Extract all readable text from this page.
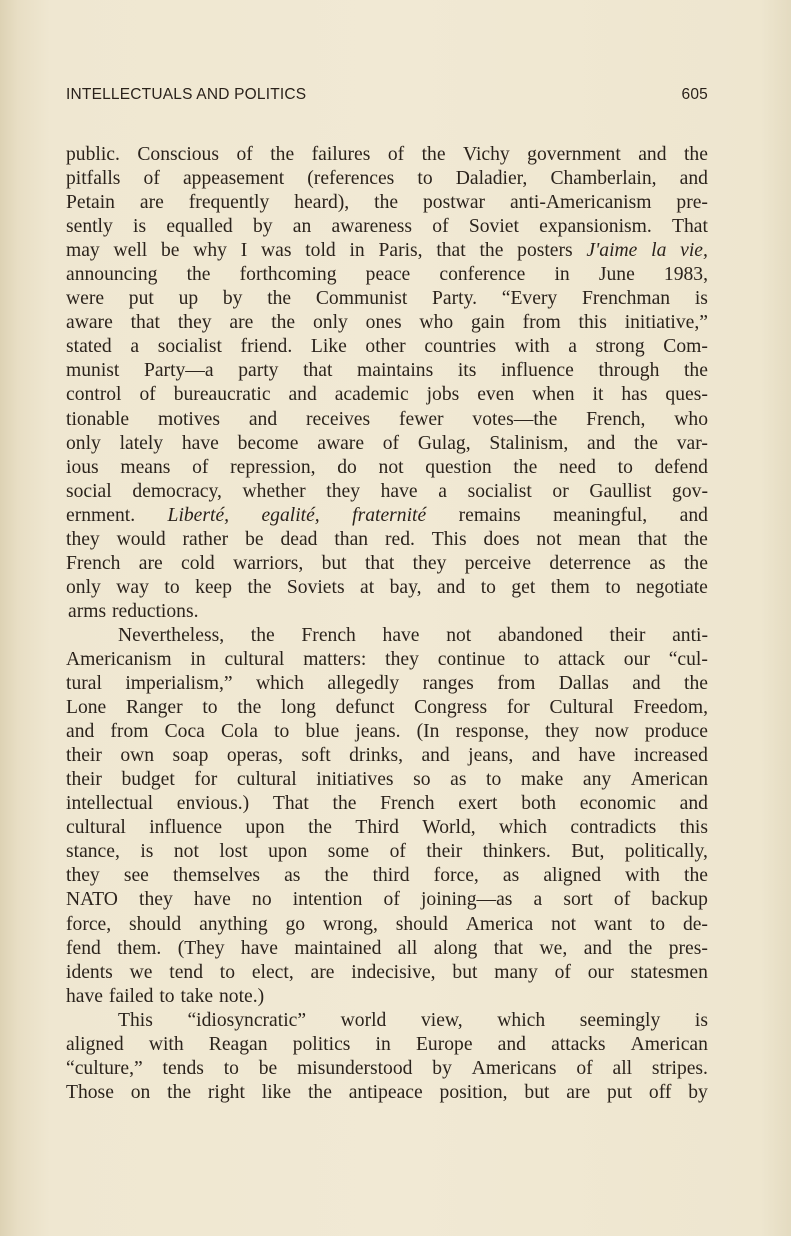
INTELLECTUALS AND POLITICS	605
public. Conscious of the failures of the Vichy government and the
pitfalls of appeasement (references to Daladier, Chamberlain, and
Petain are frequently heard), the postwar anti-Americanism pre-
sently is equalled by an awareness of Soviet expansionism. That
may well be why I was told in Paris, that the posters J'aime la vie,
announcing the forthcoming peace conference in June 1983,
were put up by the Communist Party. “Every Frenchman is
aware that they are the only ones who gain from this initiative,”
stated a socialist friend. Like other countries with a strong Com-
munist Party—a party that maintains its influence through the
control of bureaucratic and academic jobs even when it has ques-
tionable motives and receives fewer votes—the French, who
only lately have become aware of Gulag, Stalinism, and the var-
ious means of repression, do not question the need to defend
social democracy, whether they have a socialist or Gaullist gov-
ernment. Liberté, egalité, fraternité remains meaningful, and
they would rather be dead than red. This does not mean that the
French are cold warriors, but that they perceive deterrence as the
only way to keep the Soviets at bay, and to get them to negotiate
arms reductions.
Nevertheless, the French have not abandoned their anti-
Americanism in cultural matters: they continue to attack our “cul-
tural imperialism,” which allegedly ranges from Dallas and the
Lone Ranger to the long defunct Congress for Cultural Freedom,
and from Coca Cola to blue jeans. (In response, they now produce
their own soap operas, soft drinks, and jeans, and have increased
their budget for cultural initiatives so as to make any American
intellectual envious.) That the French exert both economic and
cultural influence upon the Third World, which contradicts this
stance, is not lost upon some of their thinkers. But, politically,
they see themselves as the third force, as aligned with the
NATO they have no intention of joining—as a sort of backup
force, should anything go wrong, should America not want to de-
fend them. (They have maintained all along that we, and the pres-
idents we tend to elect, are indecisive, but many of our statesmen
have failed to take note.)
This “idiosyncratic” world view, which seemingly is
aligned with Reagan politics in Europe and attacks American
“culture,” tends to be misunderstood by Americans of all stripes.
Those on the right like the antipeace position, but are put off by
